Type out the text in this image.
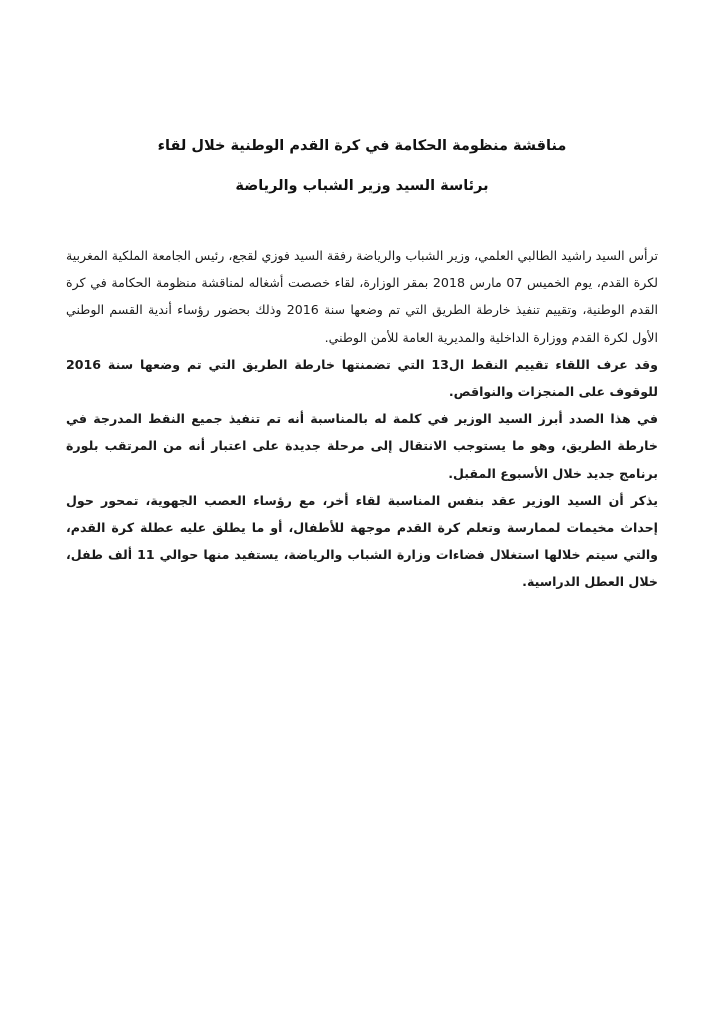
مناقشة منظومة الحكامة في كرة القدم الوطنية خلال لقاء

برئاسة السيد وزير الشباب والرياضة

ترأس السيد راشيد الطالبي العلمي، وزير الشباب والرياضة رفقة السيد فوزي لقجع، رئيس الجامعة الملكية المغربية لكرة القدم، يوم الخميس 07 مارس 2018 بمقر الوزارة، لقاء خصصت أشغاله لمناقشة منظومة الحكامة في كرة القدم الوطنية، وتقييم تنفيذ خارطة الطريق التي تم وضعها سنة 2016 وذلك بحضور رؤساء أندية القسم الوطني الأول لكرة القدم ووزارة الداخلية والمديرية العامة للأمن الوطني.

وقد عرف اللقاء تقييم النقط ال13 التي تضمنتها خارطة الطريق التي تم وضعها سنة 2016 للوقوف على المنجزات والنواقص.

في هذا الصدد أبرز السيد الوزير في كلمة له بالمناسبة أنه تم تنفيذ جميع النقط المدرجة في خارطة الطريق، وهو ما يستوجب الانتقال إلى مرحلة جديدة على اعتبار أنه من المرتقب بلورة برنامج جديد خلال الأسبوع المقبل.

يذكر أن السيد الوزير عقد بنفس المناسبة لقاء أخر، مع رؤساء العصب الجهوية، تمحور حول إحداث مخيمات لممارسة وتعلم كرة القدم موجهة للأطفال، أو ما يطلق عليه عطلة كرة القدم، والتي سيتم خلالها استغلال فضاءات وزارة الشباب والرياضة، يستفيد منها حوالي 11 ألف طفل، خلال العطل الدراسية.
